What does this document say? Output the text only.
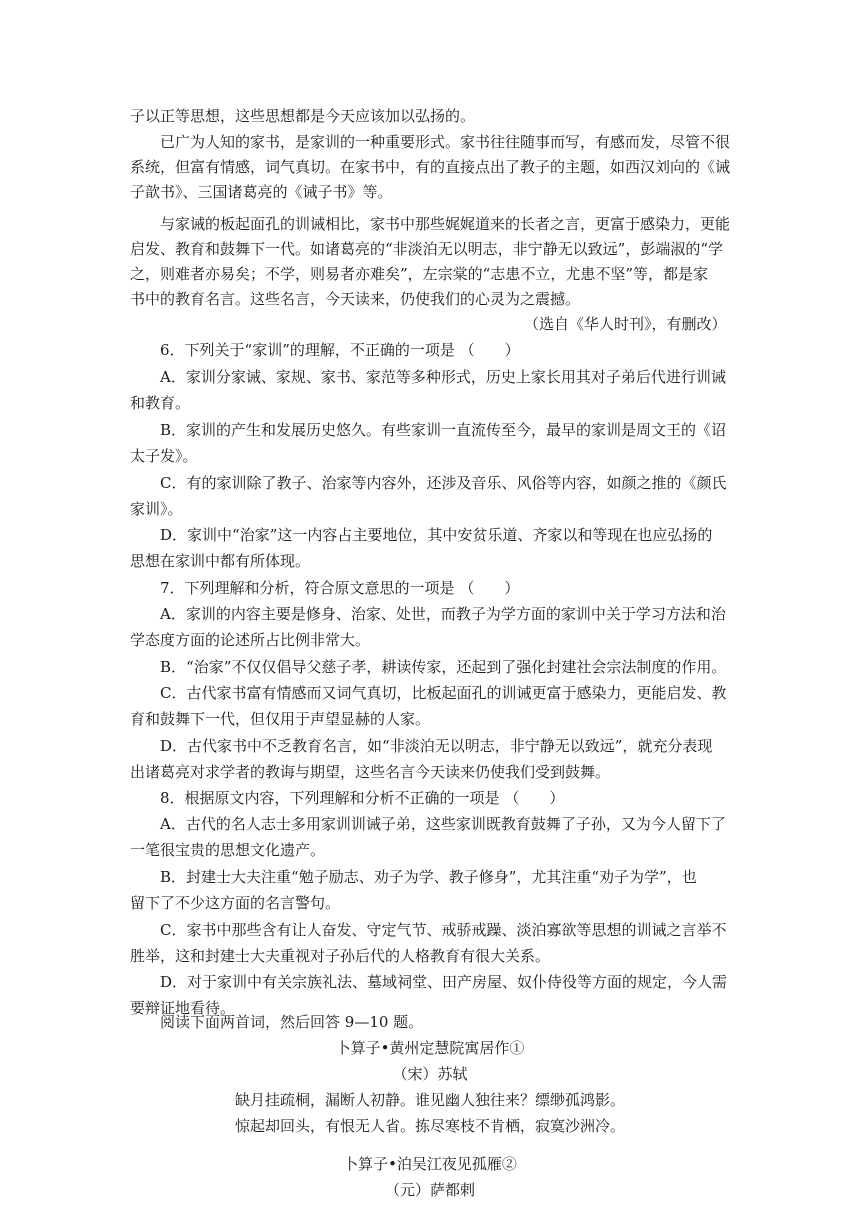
子以正等思想，这些思想都是今天应该加以弘扬的。
已广为人知的家书，是家训的一种重要形式。家书往往随事而写，有感而发，尽管不很
系统，但富有情感，词气真切。在家书中，有的直接点出了教子的主题，如西汉刘向的《诫
子歆书》、三国诸葛亮的《诫子书》等。
与家诫的板起面孔的训诫相比，家书中那些娓娓道来的长者之言，更富于感染力，更能
启发、教育和鼓舞下一代。如诸葛亮的“非淡泊无以明志，非宁静无以致远”，彭端淑的“学
之，则难者亦易矣；不学，则易者亦难矣”，左宗棠的“志患不立，尤患不坚”等，都是家
书中的教育名言。这些名言，今天读来，仍使我们的心灵为之震撼。
（选自《华人时刊》，有删改）
6．下列关于“家训”的理解，不正确的一项是 （　　）
A．家训分家诫、家规、家书、家范等多种形式，历史上家长用其对子弟后代进行训诫
和教育。
B．家训的产生和发展历史悠久。有些家训一直流传至今，最早的家训是周文王的《诏
太子发》。
C．有的家训除了教子、治家等内容外，还涉及音乐、风俗等内容，如颜之推的《颜氏
家训》。
D．家训中“治家”这一内容占主要地位，其中安贫乐道、齐家以和等现在也应弘扬的
思想在家训中都有所体现。
7．下列理解和分析，符合原文意思的一项是 （　　）
A．家训的内容主要是修身、治家、处世，而教子为学方面的家训中关于学习方法和治
学态度方面的论述所占比例非常大。
B．“治家”不仅仅倡导父慈子孝，耕读传家，还起到了强化封建社会宗法制度的作用。
C．古代家书富有情感而又词气真切，比板起面孔的训诫更富于感染力，更能启发、教
育和鼓舞下一代，但仅用于声望显赫的人家。
D．古代家书中不乏教育名言，如“非淡泊无以明志，非宁静无以致远”，就充分表现
出诸葛亮对求学者的教诲与期望，这些名言今天读来仍使我们受到鼓舞。
8．根据原文内容，下列理解和分析不正确的一项是 （　　）
A．古代的名人志士多用家训训诫子弟，这些家训既教育鼓舞了子孙，又为今人留下了
一笔很宝贵的思想文化遗产。
B．封建士大夫注重“勉子励志、劝子为学、教子修身”，尤其注重“劝子为学”，也
留下了不少这方面的名言警句。
C．家书中那些含有让人奋发、守定气节、戒骄戒躁、淡泊寡欲等思想的训诫之言举不
胜举，这和封建士大夫重视对子孙后代的人格教育有很大关系。
D．对于家训中有关宗族礼法、墓域祠堂、田产房屋、奴仆侍役等方面的规定，今人需
要辩证地看待。
阅读下面两首词，然后回答 9—10 题。
卜算子•黄州定慧院寓居作①
（宋）苏轼
缺月挂疏桐，漏断人初静。谁见幽人独往来？缥缈孤鸿影。
惊起却回头，有恨无人省。拣尽寒枝不肯栖，寂寞沙洲冷。
卜算子•泊吴江夜见孤雁②
（元）萨都剌
